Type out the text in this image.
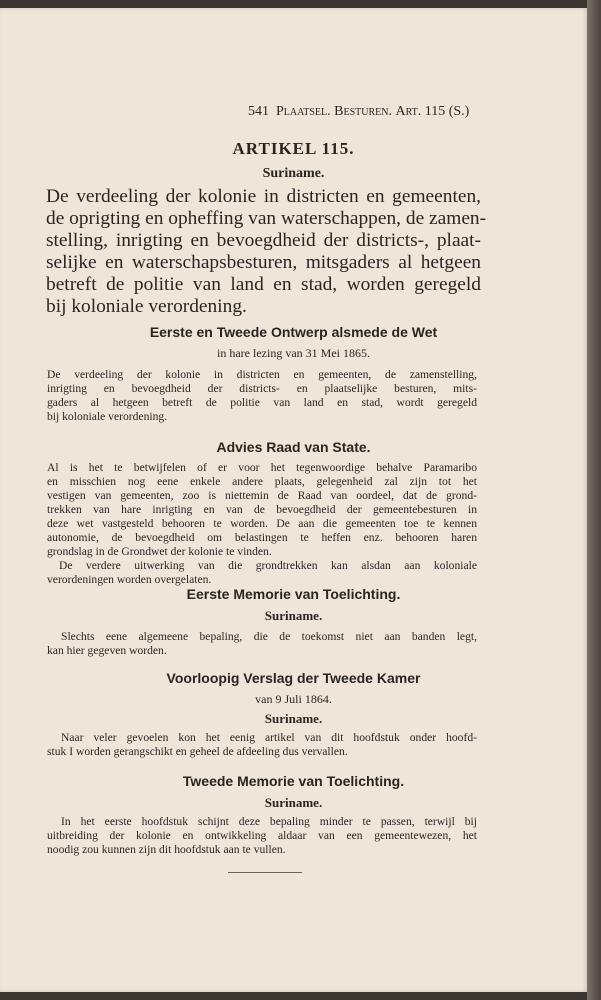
541 Plaatsel. Besturen. Art. 115 (S.)
ARTIKEL 115.
Suriname.
De verdeeling der kolonie in districten en gemeenten,
de oprigting en opheffing van waterschappen, de zamen-
stelling, inrigting en bevoegdheid der districts-, plaat-
selijke en waterschapsbesturen, mitsgaders al hetgeen
betreft de politie van land en stad, worden geregeld
bij koloniale verordening.
Eerste en Tweede Ontwerp alsmede de Wet
in hare lezing van 31 Mei 1865.
De verdeeling der kolonie in districten en gemeenten, de zamenstelling,
inrigting en bevoegdheid der districts- en plaatselijke besturen, mits-
gaders al hetgeen betreft de politie van land en stad, wordt geregeld
bij koloniale verordening.
Advies Raad van State.
Al is het te betwijfelen of er voor het tegenwoordige behalve Paramaribo
en misschien nog eene enkele andere plaats, gelegenheid zal zijn tot het
vestigen van gemeenten, zoo is niettemin de Raad van oordeel, dat de grond-
trekken van hare inrigting en van de bevoegdheid der gemeentebesturen in
deze wet vastgesteld behooren te worden. De aan die gemeenten toe te kennen
autonomie, de bevoegdheid om belastingen te heffen enz. behooren haren
grondslag in de Grondwet der kolonie te vinden.
De verdere uitwerking van die grondtrekken kan alsdan aan koloniale
verordeningen worden overgelaten.
Eerste Memorie van Toelichting.
Suriname.
Slechts eene algemeene bepaling, die de toekomst niet aan banden legt,
kan hier gegeven worden.
Voorloopig Verslag der Tweede Kamer
van 9 Juli 1864.
Suriname.
Naar veler gevoelen kon het eenig artikel van dit hoofdstuk onder hoofd-
stuk I worden gerangschikt en geheel de afdeeling dus vervallen.
Tweede Memorie van Toelichting.
Suriname.
In het eerste hoofdstuk schijnt deze bepaling minder te passen, terwijl bij
uitbreiding der kolonie en ontwikkeling aldaar van een gemeentewezen, het
noodig zou kunnen zijn dit hoofdstuk aan te vullen.
